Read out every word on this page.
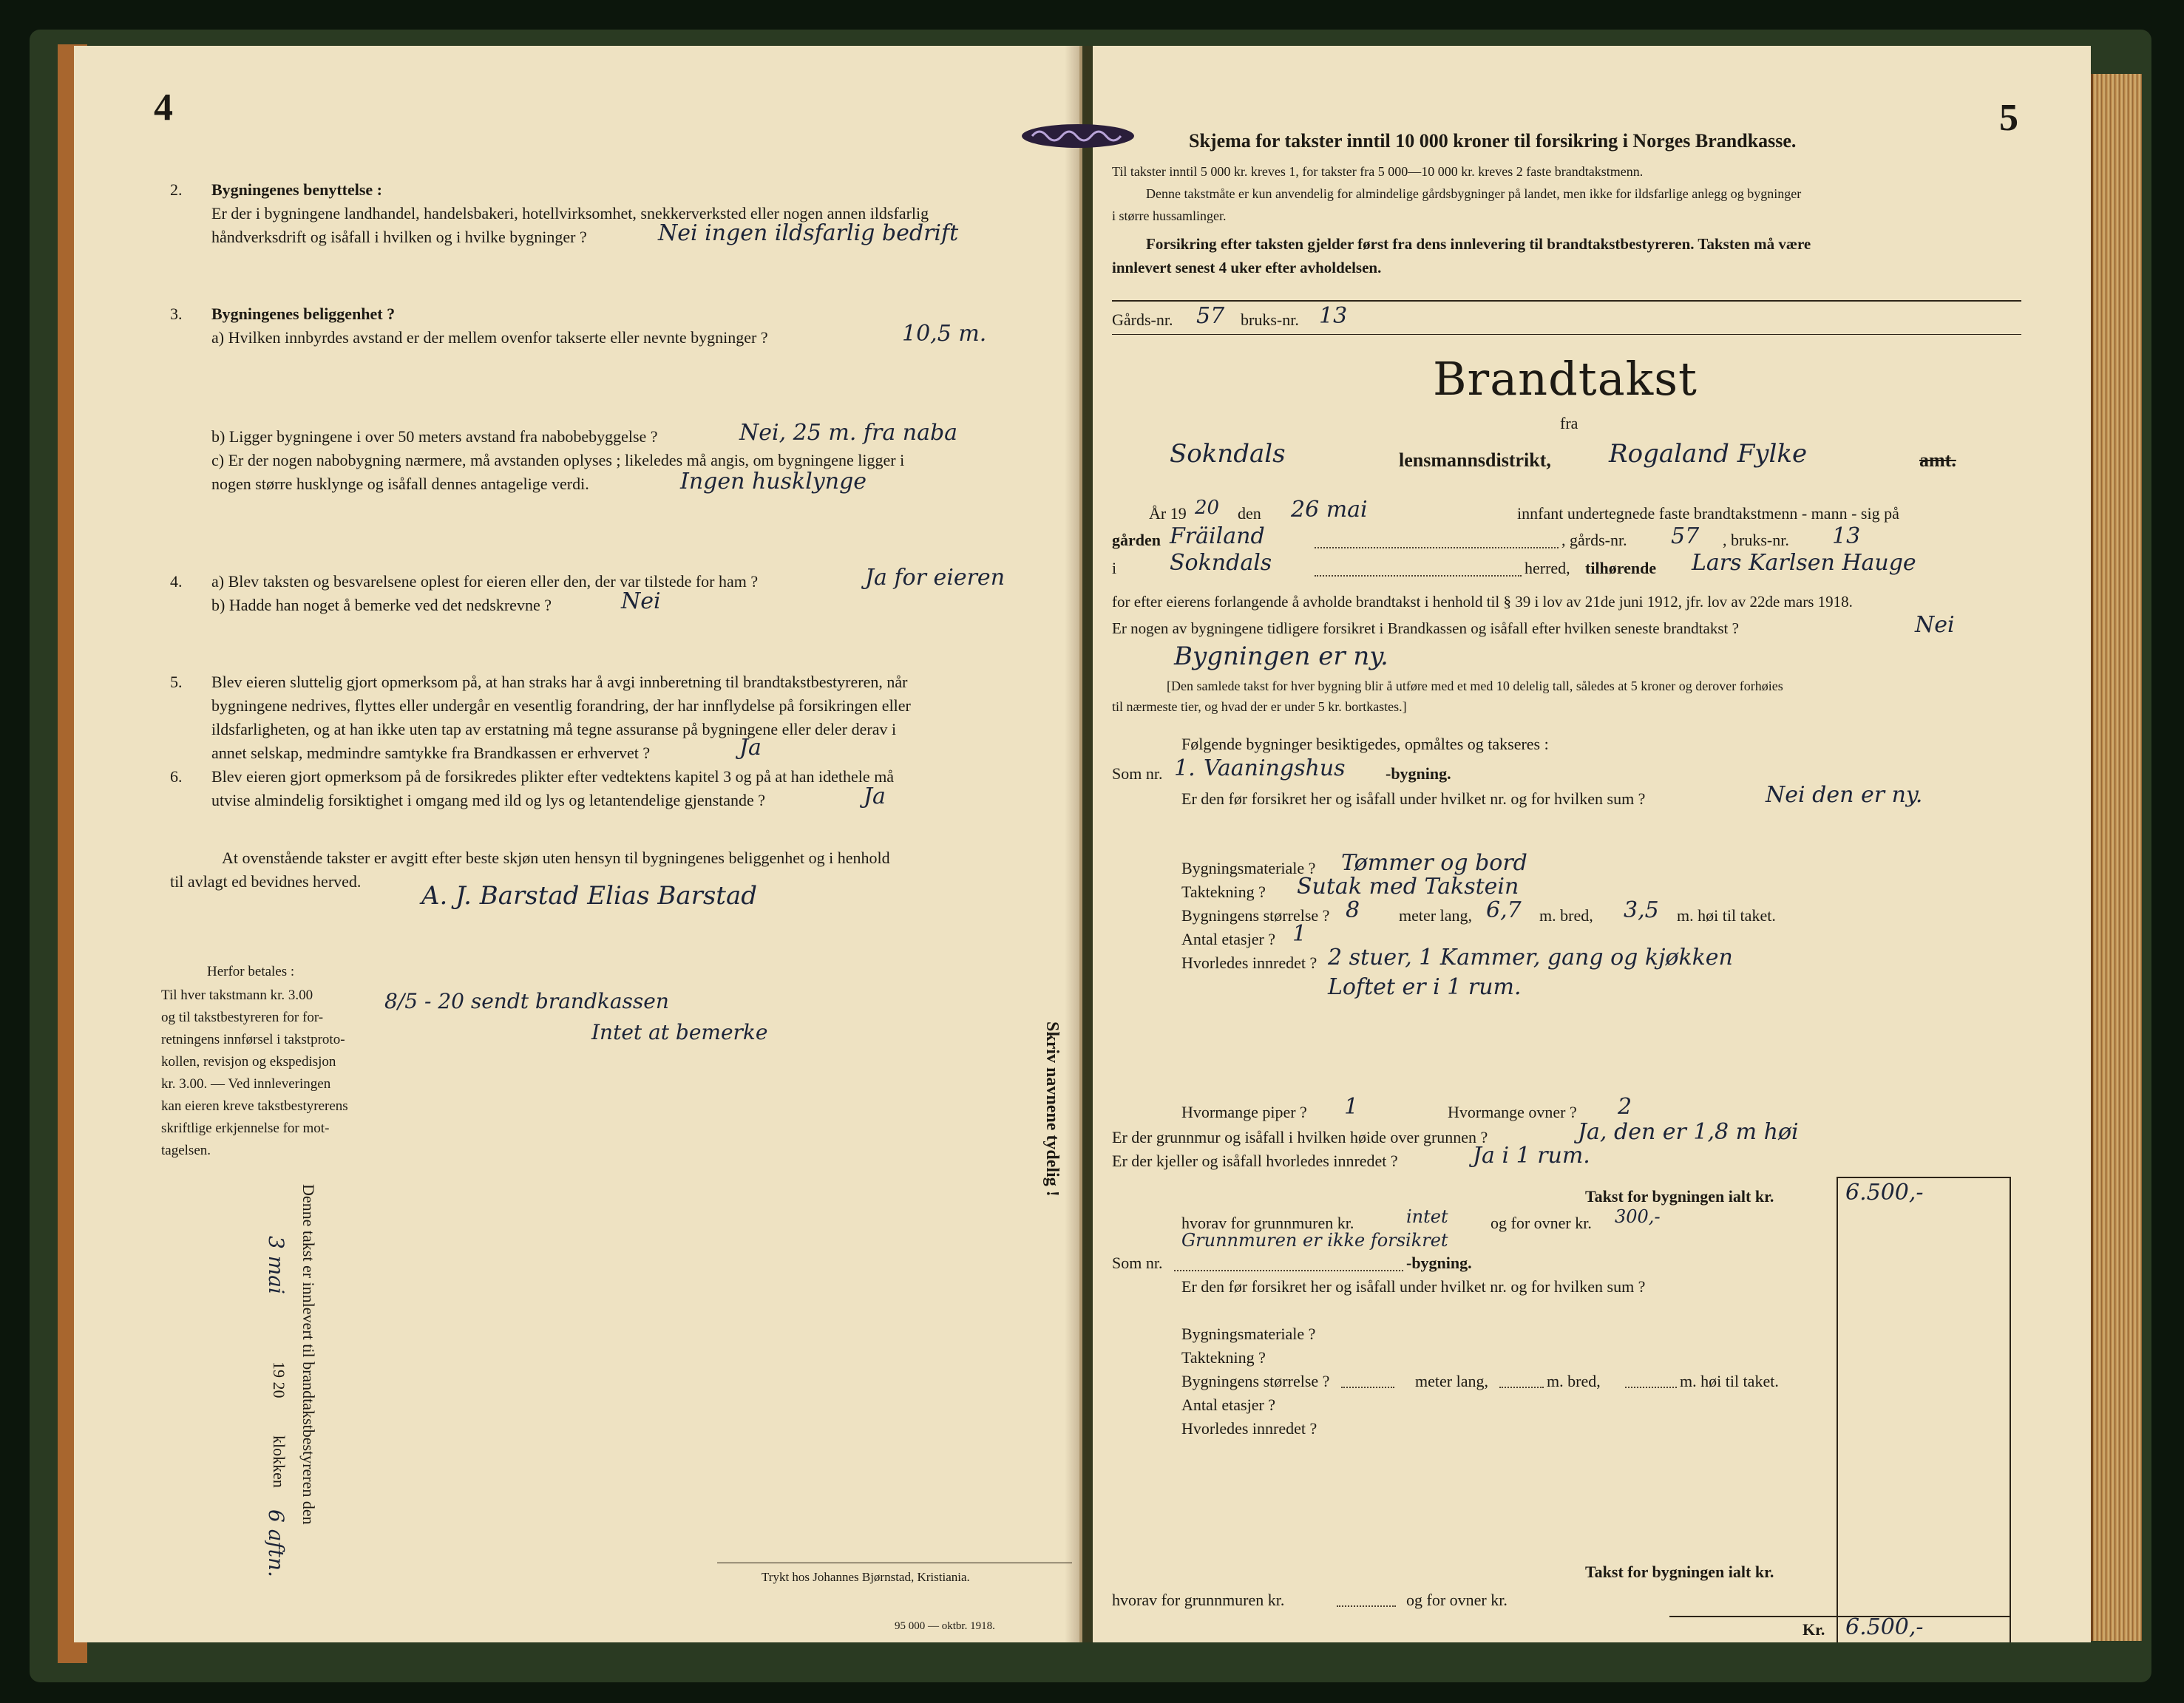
4
2. Bygningenes benyttelse :
Er der i bygningene landhandel, handelsbakeri, hotellvirksomhet, snekkerverksted eller nogen annen ildsfarlig
håndverksdrift og isåfall i hvilken og i hvilke bygninger ?	Nei ingen ildsfarlig bedrift
3. Bygningenes beliggenhet ?
a) Hvilken innbyrdes avstand er der mellem ovenfor takserte eller nevnte bygninger ?	10,5 m.
b) Ligger bygningene i over 50 meters avstand fra nabobebyggelse ?	Nei, 25 m. fra naba
c) Er der nogen nabobygning nærmere, må avstanden oplyses ; likeledes må angis, om bygningene ligger i
nogen større husklynge og isåfall dennes antagelige verdi.	Ingen husklynge
4. a) Blev taksten og besvarelsene oplest for eieren eller den, der var tilstede for ham ?	Ja for eieren
b) Hadde han noget å bemerke ved det nedskrevne ?	Nei
5. Blev eieren sluttelig gjort opmerksom på, at han straks har å avgi innberetning til brandtakstbestyreren, når
bygningene nedrives, flyttes eller undergår en vesentlig forandring, der har innflydelse på forsikringen eller
ildsfarligheten, og at han ikke uten tap av erstatning må tegne assuranse på bygningene eller deler derav i
annet selskap, medmindre samtykke fra Brandkassen er erhvervet ?	Ja
6. Blev eieren gjort opmerksom på de forsikredes plikter efter vedtektens kapitel 3 og på at han idethele må
utvise almindelig forsiktighet i omgang med ild og lys og letantendelige gjenstande ?	Ja
At ovenstående takster er avgitt efter beste skjøn uten hensyn til bygningenes beliggenhet og i henhold
til avlagt ed bevidnes herved. A. J. Barstad Elias Barstad
Herfor betales :
Til hver takstmann kr. 3.00
og til takstbestyreren for for-
retningens innførsel i takstproto-
kollen, revisjon og ekspedisjon
kr. 3.00. — Ved innleveringen
kan eieren kreve takstbestyrerens
skriftlige erkjennelse for mot-
tagelsen.
8/5 - 20 sendt brandkassen
Intet at bemerke	Skriv navnene tydelig !
Denne takst er innlevert til brandtakstbestyreren den
3 mai
19 20
klokken
6 aftn.	Trykt hos Johannes Bjørnstad, Kristiania.
95 000 — oktbr. 1918.
5
Skjema for takster inntil 10 000 kroner til forsikring i Norges Brandkasse.
Til takster inntil 5 000 kr. kreves 1, for takster fra 5 000—10 000 kr. kreves 2 faste brandtakstmenn.
Denne takstmåte er kun anvendelig for almindelige gårdsbygninger på landet, men ikke for ildsfarlige anlegg og bygninger
i større hussamlinger.
Forsikring efter taksten gjelder først fra dens innlevering til brandtakstbestyreren. Taksten må være
innlevert senest 4 uker efter avholdelsen.
Gårds-nr. 57 bruks-nr. 13
Brandtakst
fra
Sokndals	lensmannsdistrikt, Rogaland Fylke	amt.
År 19 20 den 26 mai	innfant undertegnede faste brandtakstmenn - mann - sig på
gården Fräiland	, gårds-nr. 57 , bruks-nr. 13
i Sokndals	herred, tilhørende Lars Karlsen Hauge
for efter eierens forlangende å avholde brandtakst i henhold til § 39 i lov av 21de juni 1912, jfr. lov av 22de mars 1918.
Er nogen av bygningene tidligere forsikret i Brandkassen og isåfall efter hvilken seneste brandtakst ?	Nei
Bygningen er ny.
[Den samlede takst for hver bygning blir å utføre med et med 10 delelig tall, således at 5 kroner og derover forhøies
til nærmeste tier, og hvad der er under 5 kr. bortkastes.]
Følgende bygninger besiktigedes, opmåltes og takseres :
Som nr. 1. Vaaningshus -bygning.
Er den før forsikret her og isåfall under hvilket nr. og for hvilken sum ?	Nei den er ny.
Bygningsmateriale ? Tømmer og bord
Taktekning ? Sutak med Takstein
Bygningens størrelse ? 8 meter lang, 6,7 m. bred, 3,5 m. høi til taket.
Antal etasjer ? 1
Hvorledes innredet ? 2 stuer, 1 Kammer, gang og kjøkken
Loftet er i 1 rum.
Hvormange piper ? 1	Hvormange ovner ? 2
Er der grunnmur og isåfall i hvilken høide over grunnen ?	Ja, den er 1,8 m høi
Er der kjeller og isåfall hvorledes innredet ?	Ja i 1 rum.
Takst for bygningen ialt kr.	6.500,-
hvorav for grunnmuren kr.	intet	og for ovner kr. 300,-
Grunnmuren er ikke forsikret
Som nr.	-bygning.
Er den før forsikret her og isåfall under hvilket nr. og for hvilken sum ?
Bygningsmateriale ?
Taktekning ?
Bygningens størrelse ?	meter lang,	m. bred,	m. høi til taket.
Antal etasjer ?
Hvorledes innredet ?
Takst for bygningen ialt kr.
hvorav for grunnmuren kr.	og for ovner kr.
Kr. 6.500,-
